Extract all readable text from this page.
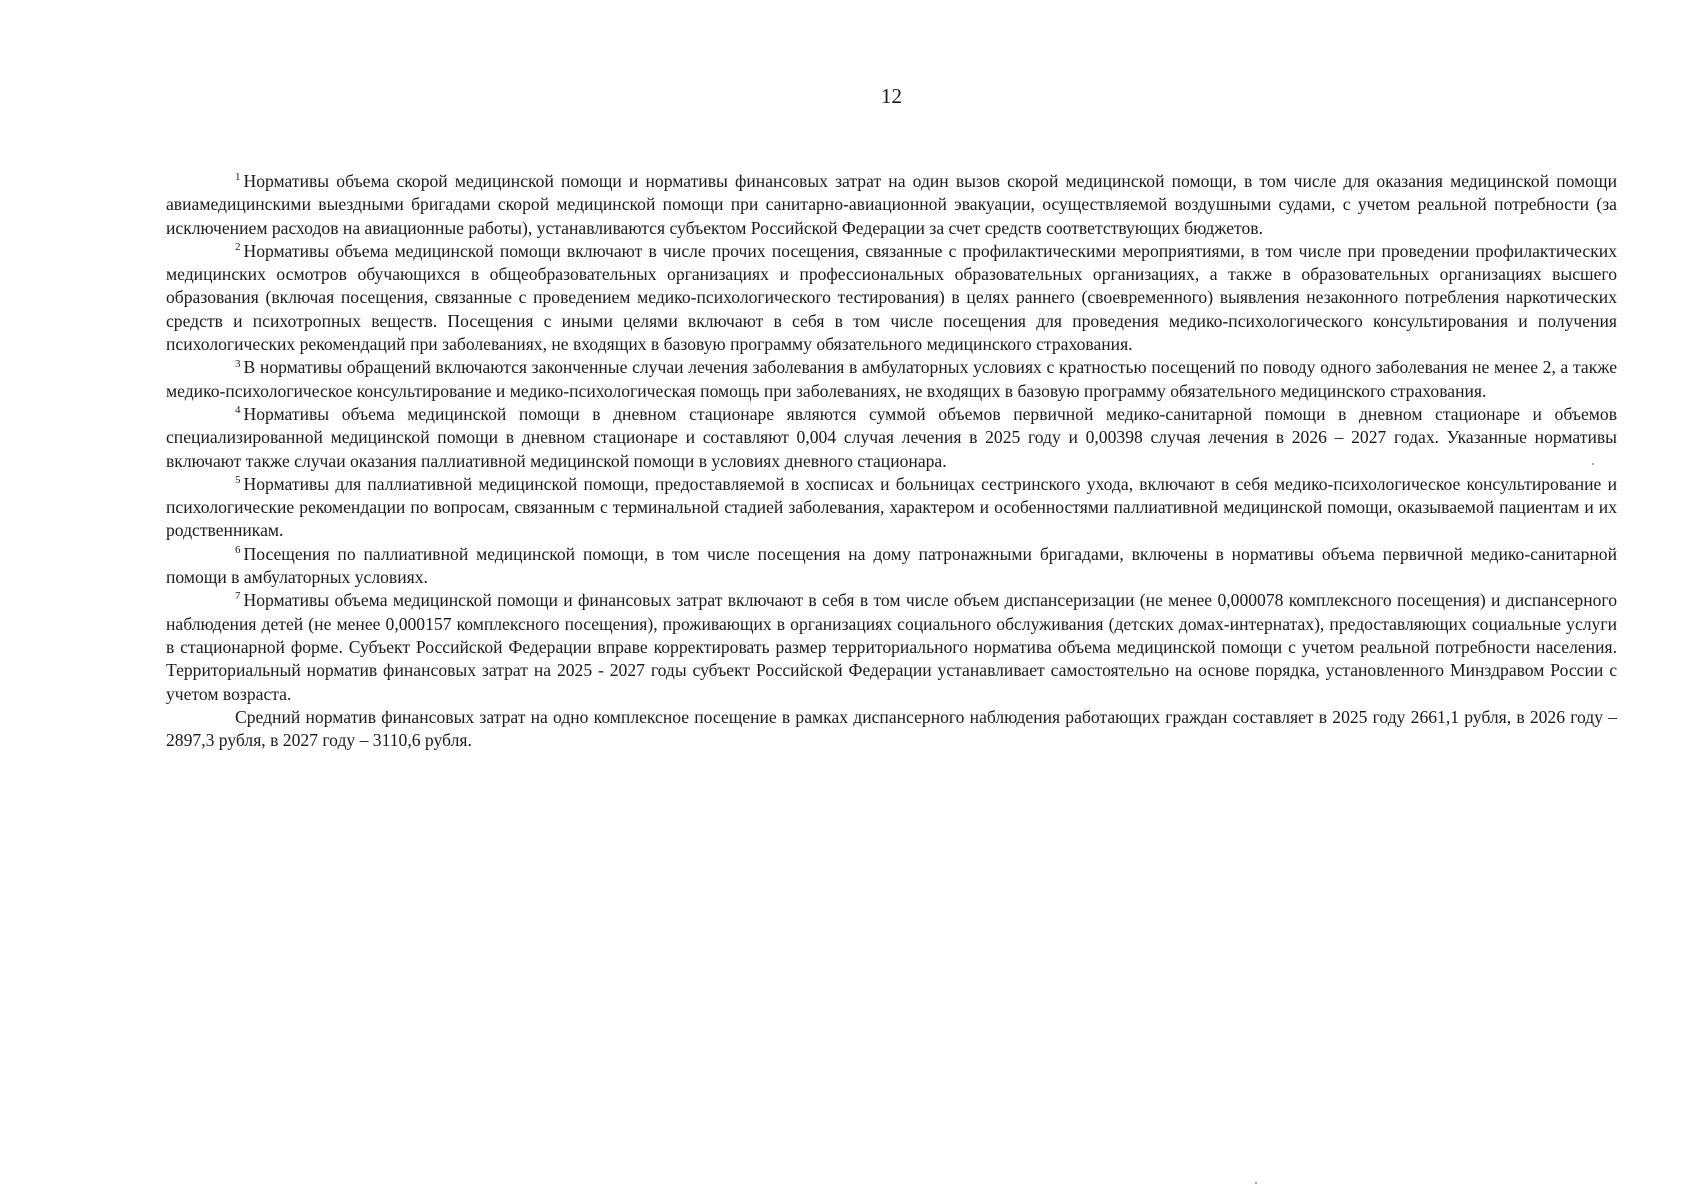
12

$^1$ Нормативы объема скорой медицинской помощи и нормативы финансовых затрат на один вызов скорой медицинской помощи, в том числе для оказания медицинской помощи авиамедицинскими выездными бригадами скорой медицинской помощи при санитарно-авиационной эвакуации, осуществляемой воздушными судами, с учетом реальной потребности (за исключением расходов на авиационные работы), устанавливаются субъектом Российской Федерации за счет средств соответствующих бюджетов.

$^2$ Нормативы объема медицинской помощи включают в числе прочих посещения, связанные с профилактическими мероприятиями, в том числе при проведении профилактических медицинских осмотров обучающихся в общеобразовательных организациях и профессиональных образовательных организациях, а также в образовательных организациях высшего образования (включая посещения, связанные с проведением медико-психологического тестирования) в целях раннего (своевременного) выявления незаконного потребления наркотических средств и психотропных веществ. Посещения с иными целями включают в себя в том числе посещения для проведения медико-психологического консультирования и получения психологических рекомендаций при заболеваниях, не входящих в базовую программу обязательного медицинского страхования.

$^3$ В нормативы обращений включаются законченные случаи лечения заболевания в амбулаторных условиях с кратностью посещений по поводу одного заболевания не менее 2, а также медико-психологическое консультирование и медико-психологическая помощь при заболеваниях, не входящих в базовую программу обязательного медицинского страхования.

$^4$ Нормативы объема медицинской помощи в дневном стационаре являются суммой объемов первичной медико-санитарной помощи в дневном стационаре и объемов специализированной медицинской помощи в дневном стационаре и составляют 0,004 случая лечения в 2025 году и 0,00398 случая лечения в 2026 – 2027 годах. Указанные нормативы включают также случаи оказания паллиативной медицинской помощи в условиях дневного стационара.

$^5$ Нормативы для паллиативной медицинской помощи, предоставляемой в хосписах и больницах сестринского ухода, включают в себя медико-психологическое консультирование и психологические рекомендации по вопросам, связанным с терминальной стадией заболевания, характером и особенностями паллиативной медицинской помощи, оказываемой пациентам и их родственникам.

$^6$ Посещения по паллиативной медицинской помощи, в том числе посещения на дому патронажными бригадами, включены в нормативы объема первичной медико-санитарной помощи в амбулаторных условиях.

$^7$ Нормативы объема медицинской помощи и финансовых затрат включают в себя в том числе объем диспансеризации (не менее 0,000078 комплексного посещения) и диспансерного наблюдения детей (не менее 0,000157 комплексного посещения), проживающих в организациях социального обслуживания (детских домах-интернатах), предоставляющих социальные услуги в стационарной форме. Субъект Российской Федерации вправе корректировать размер территориального норматива объема медицинской помощи с учетом реальной потребности населения. Территориальный норматив финансовых затрат на 2025 - 2027 годы субъект Российской Федерации устанавливает самостоятельно на основе порядка, установленного Минздравом России с учетом возраста.

Средний норматив финансовых затрат на одно комплексное посещение в рамках диспансерного наблюдения работающих граждан составляет в 2025 году 2661,1 рубля, в 2026 году – 2897,3 рубля, в 2027 году – 3110,6 рубля.
